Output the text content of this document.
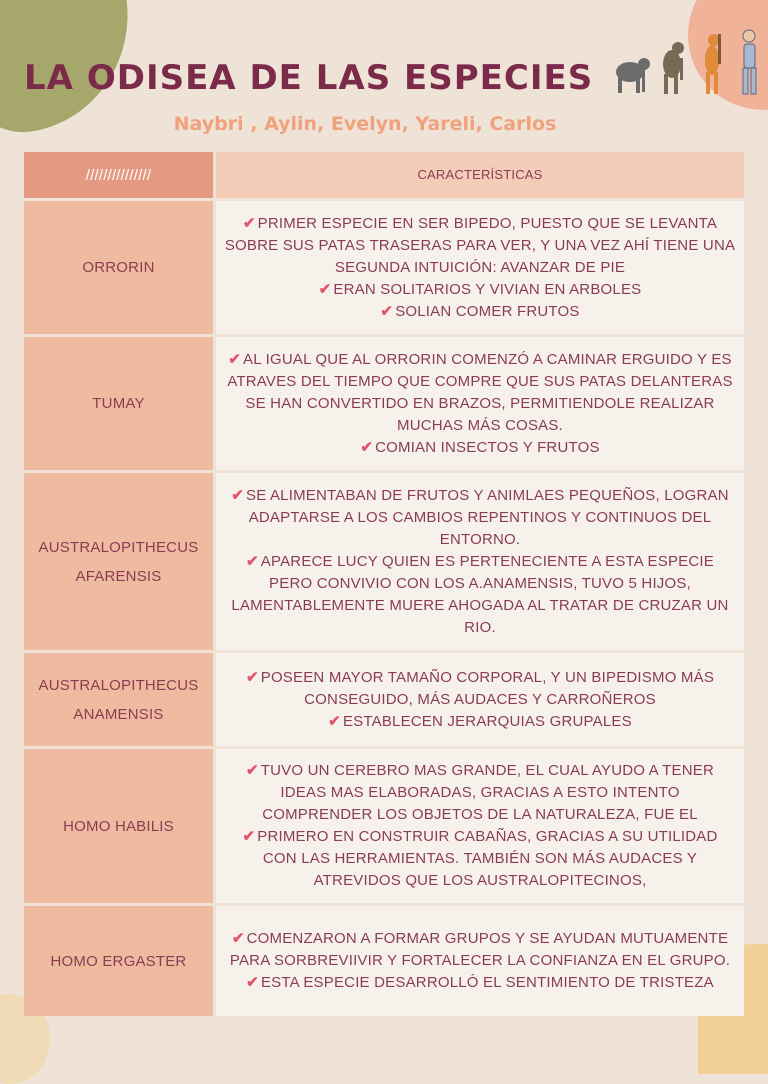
LA ODISEA DE LAS ESPECIES
Naybri , Aylin, Evelyn, Yareli, Carlos
///////////////	CARACTERÍSTICAS
ORRORIN
✔ PRIMER ESPECIE EN SER BIPEDO, PUESTO QUE SE LEVANTA SOBRE SUS PATAS TRASERAS PARA VER, Y UNA VEZ AHÍ TIENE UNA SEGUNDA INTUICIÓN: AVANZAR DE PIE
✔ ERAN SOLITARIOS Y VIVIAN EN ARBOLES
✔ SOLIAN COMER FRUTOS
TUMAY
✔ AL IGUAL QUE AL ORRORIN COMENZÓ A CAMINAR ERGUIDO Y ES ATRAVES DEL TIEMPO QUE COMPRE QUE SUS PATAS DELANTERAS SE HAN CONVERTIDO EN BRAZOS, PERMITIENDOLE REALIZAR MUCHAS MÁS COSAS.
✔ COMIAN INSECTOS Y FRUTOS
AUSTRALOPITHECUS AFARENSIS
✔ SE ALIMENTABAN DE FRUTOS Y ANIMLAES PEQUEÑOS, LOGRAN ADAPTARSE A LOS CAMBIOS REPENTINOS Y CONTINUOS DEL ENTORNO.
✔ APARECE LUCY QUIEN ES PERTENECIENTE A ESTA ESPECIE PERO CONVIVIO CON LOS A.ANAMENSIS, TUVO 5 HIJOS, LAMENTABLEMENTE MUERE AHOGADA AL TRATAR DE CRUZAR UN RIO.
AUSTRALOPITHECUS ANAMENSIS
✔ POSEEN MAYOR TAMAÑO CORPORAL, Y UN BIPEDISMO MÁS CONSEGUIDO, MÁS AUDACES Y CARROÑEROS
✔ ESTABLECEN JERARQUIAS GRUPALES
HOMO HABILIS
✔ TUVO UN CEREBRO MAS GRANDE, EL CUAL AYUDO A TENER IDEAS MAS ELABORADAS, GRACIAS A ESTO INTENTO COMPRENDER LOS OBJETOS DE LA NATURALEZA, FUE EL
✔ PRIMERO EN CONSTRUIR CABAÑAS, GRACIAS A SU UTILIDAD CON LAS HERRAMIENTAS. TAMBIÉN SON MÁS AUDACES Y ATREVIDOS QUE LOS AUSTRALOPITECINOS,
HOMO ERGASTER
✔ COMENZARON A FORMAR GRUPOS Y SE AYUDAN MUTUAMENTE PARA SORBREVIIVIR Y FORTALECER LA CONFIANZA EN EL GRUPO.
✔ ESTA ESPECIE DESARROLLÓ EL SENTIMIENTO DE TRISTEZA
